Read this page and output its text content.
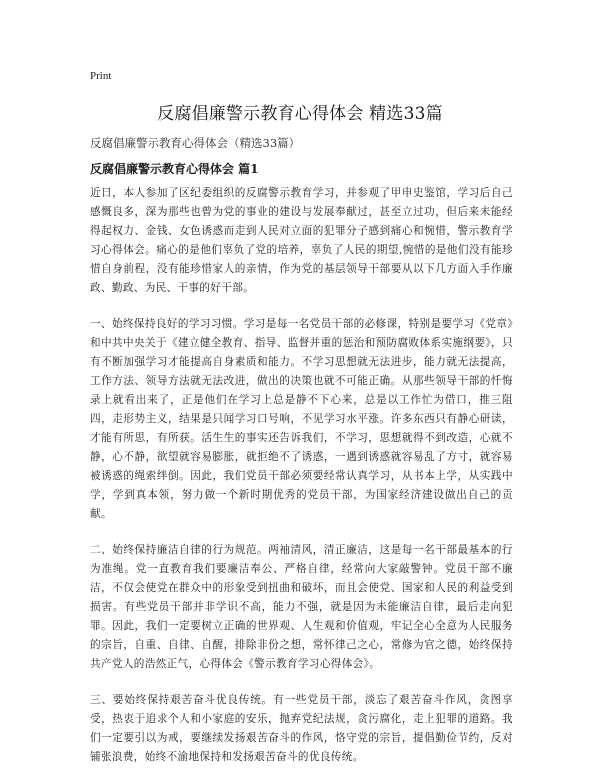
Print
反腐倡廉警示教育心得体会 精选33篇
反腐倡廉警示教育心得体会（精选33篇）
反腐倡廉警示教育心得体会 篇1

近日，本人参加了区纪委组织的反腐警示教育学习，并参观了甲申史鉴馆，学习后自己感慨良多，深为那些也曾为党的事业的建设与发展奉献过，甚至立过功，但后来未能经得起权力、金钱、女色诱惑而走到人民对立面的犯罪分子感到痛心和惋惜，警示教育学习心得体会。痛心的是他们辜负了党的培养，辜负了人民的期望,惋惜的是他们没有能珍惜自身前程，没有能珍惜家人的亲情，作为党的基层领导干部要从以下几方面入手作廉政、勤政、为民、干事的好干部。

一、始终保持良好的学习习惯。学习是每一名党员干部的必修课，特别是要学习《党章》和中共中央关于《建立健全教育、指导、监督并重的惩治和预防腐败体系实施纲要》，只有不断加强学习才能提高自身素质和能力。不学习思想就无法进步，能力就无法提高，工作方法、领导方法就无法改进，做出的决策也就不可能正确。从那些领导干部的忏悔录上就看出来了，正是他们在学习上总是静不下心来，总是以工作忙为借口，推三阻四，走形势主义，结果是只闻学习口号响，不见学习水平涨。许多东西只有静心研读，才能有所思，有所获。活生生的事实还告诉我们，不学习，思想就得不到改造，心就不静，心不静，欲望就容易膨胀，就拒绝不了诱惑，一遇到诱惑就容易乱了方寸，就容易被诱惑的绳索绊倒。因此，我们党员干部必须要经常认真学习，从书本上学，从实践中学，学到真本领，努力做一个新时期优秀的党员干部，为国家经济建设做出自己的贡献。

二、始终保持廉洁自律的行为规范。两袖清风，清正廉洁，这是每一名干部最基本的行为准绳。党一直教育我们要廉洁奉公、严格自律，经常向大家敲警钟。党员干部不廉洁，不仅会使党在群众中的形象受到扭曲和破坏，而且会使党、国家和人民的利益受到损害。有些党员干部并非学识不高，能力不强，就是因为未能廉洁自律，最后走向犯罪。因此，我们一定要树立正确的世界观、人生观和价值观，牢记全心全意为人民服务的宗旨，自重、自律、自醒，排除非份之想，常怀律己之心，常修为官之德，始终保持共产党人的浩然正气，心得体会《警示教育学习心得体会》。

三、要始终保持艰苦奋斗优良传统。有一些党员干部，淡忘了艰苦奋斗作风，贪图享受，热衷于追求个人和小家庭的安乐，抛弃党纪法规，贪污腐化，走上犯罪的道路。我们一定要引以为戒，要继续发扬艰苦奋斗的作风，恪守党的宗旨，提倡勤俭节约，反对铺张浪费，始终不渝地保持和发扬艰苦奋斗的优良传统。
